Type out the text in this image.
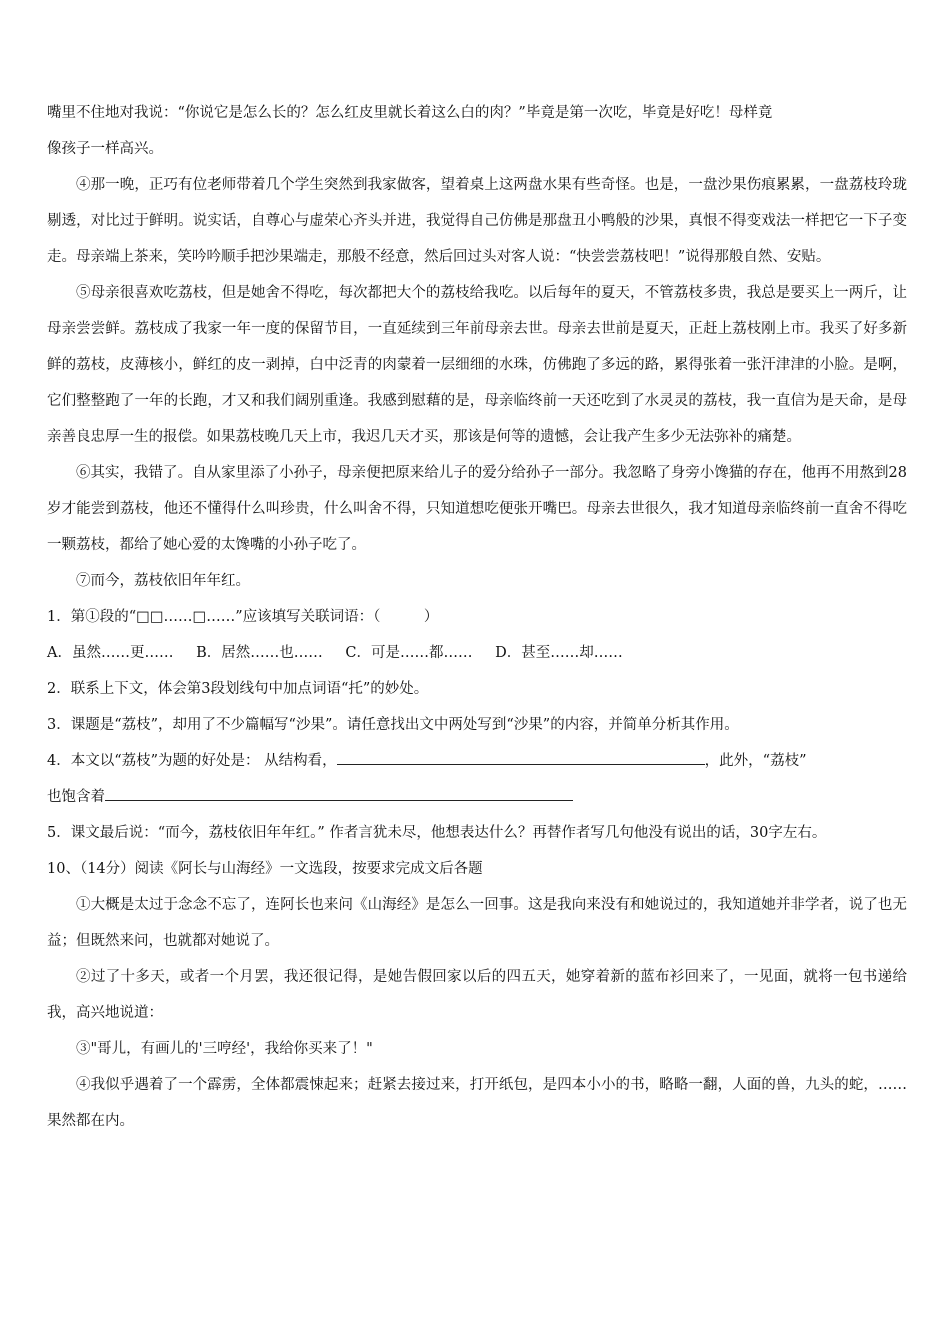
嘴里不住地对我说：“你说它是怎么长的？怎么红皮里就长着这么白的肉？”毕竟是第一次吃，毕竟是好吃！母样竟
像孩子一样高兴。
④那一晚，正巧有位老师带着几个学生突然到我家做客，望着桌上这两盘水果有些奇怪。也是，一盘沙果伤痕累累，一盘荔枝玲珑剔透，对比过于鲜明。说实话，自尊心与虚荣心齐头并进，我觉得自己仿佛是那盘丑小鸭般的沙果，真恨不得变戏法一样把它一下子变走。母亲端上茶来，笑吟吟顺手把沙果端走，那般不经意，然后回过头对客人说：“快尝尝荔枝吧！”说得那般自然、安贴。
⑤母亲很喜欢吃荔枝，但是她舍不得吃，每次都把大个的荔枝给我吃。以后每年的夏天，不管荔枝多贵，我总是要买上一两斤，让母亲尝尝鲜。荔枝成了我家一年一度的保留节目，一直延续到三年前母亲去世。母亲去世前是夏天，正赶上荔枝刚上市。我买了好多新鲜的荔枝，皮薄核小，鲜红的皮一剥掉，白中泛青的肉蒙着一层细细的水珠，仿佛跑了多远的路，累得张着一张汗津津的小脸。是啊，它们整整跑了一年的长跑，才又和我们阔别重逢。我感到慰藉的是，母亲临终前一天还吃到了水灵灵的荔枝，我一直信为是天命，是母亲善良忠厚一生的报偿。如果荔枝晚几天上市，我迟几天才买，那该是何等的遗憾，会让我产生多少无法弥补的痛楚。
⑥其实，我错了。自从家里添了小孙子，母亲便把原来给儿子的爱分给孙子一部分。我忽略了身旁小馋猫的存在，他再不用熬到28岁才能尝到荔枝，他还不懂得什么叫珍贵，什么叫舍不得，只知道想吃便张开嘴巴。母亲去世很久，我才知道母亲临终前一直舍不得吃一颗荔枝，都给了她心爱的太馋嘴的小孙子吃了。
⑦而今，荔枝依旧年年红。
1．第①段的“□□……□……”应该填写关联词语：（　　　）
A．虽然……更…… B．居然……也…… C．可是……都…… D．甚至……却……
2．联系上下文，体会第3段划线句中加点词语“托”的妙处。
3．课题是“荔枝”，却用了不少篇幅写“沙果”。请任意找出文中两处写到“沙果”的内容，并简单分析其作用。
4．本文以“荔枝”为题的好处是： 从结构看，	，此外，“荔枝”
也饱含着
5．课文最后说：“而今，荔枝依旧年年红。” 作者言犹未尽，他想表达什么？再替作者写几句他没有说出的话，30字左右。
10、（14分）阅读《阿长与山海经》一文选段，按要求完成文后各题
①大概是太过于念念不忘了，连阿长也来问《山海经》是怎么一回事。这是我向来没有和她说过的，我知道她并非学者，说了也无益；但既然来问，也就都对她说了。
②过了十多天，或者一个月罢，我还很记得，是她告假回家以后的四五天，她穿着新的蓝布衫回来了，一见面，就将一包书递给我，高兴地说道：
③"哥儿，有画儿的'三哼经'，我给你买来了！"
④我似乎遇着了一个霹雳，全体都震悚起来；赶紧去接过来，打开纸包，是四本小小的书，略略一翻，人面的兽，九头的蛇，……果然都在内。
